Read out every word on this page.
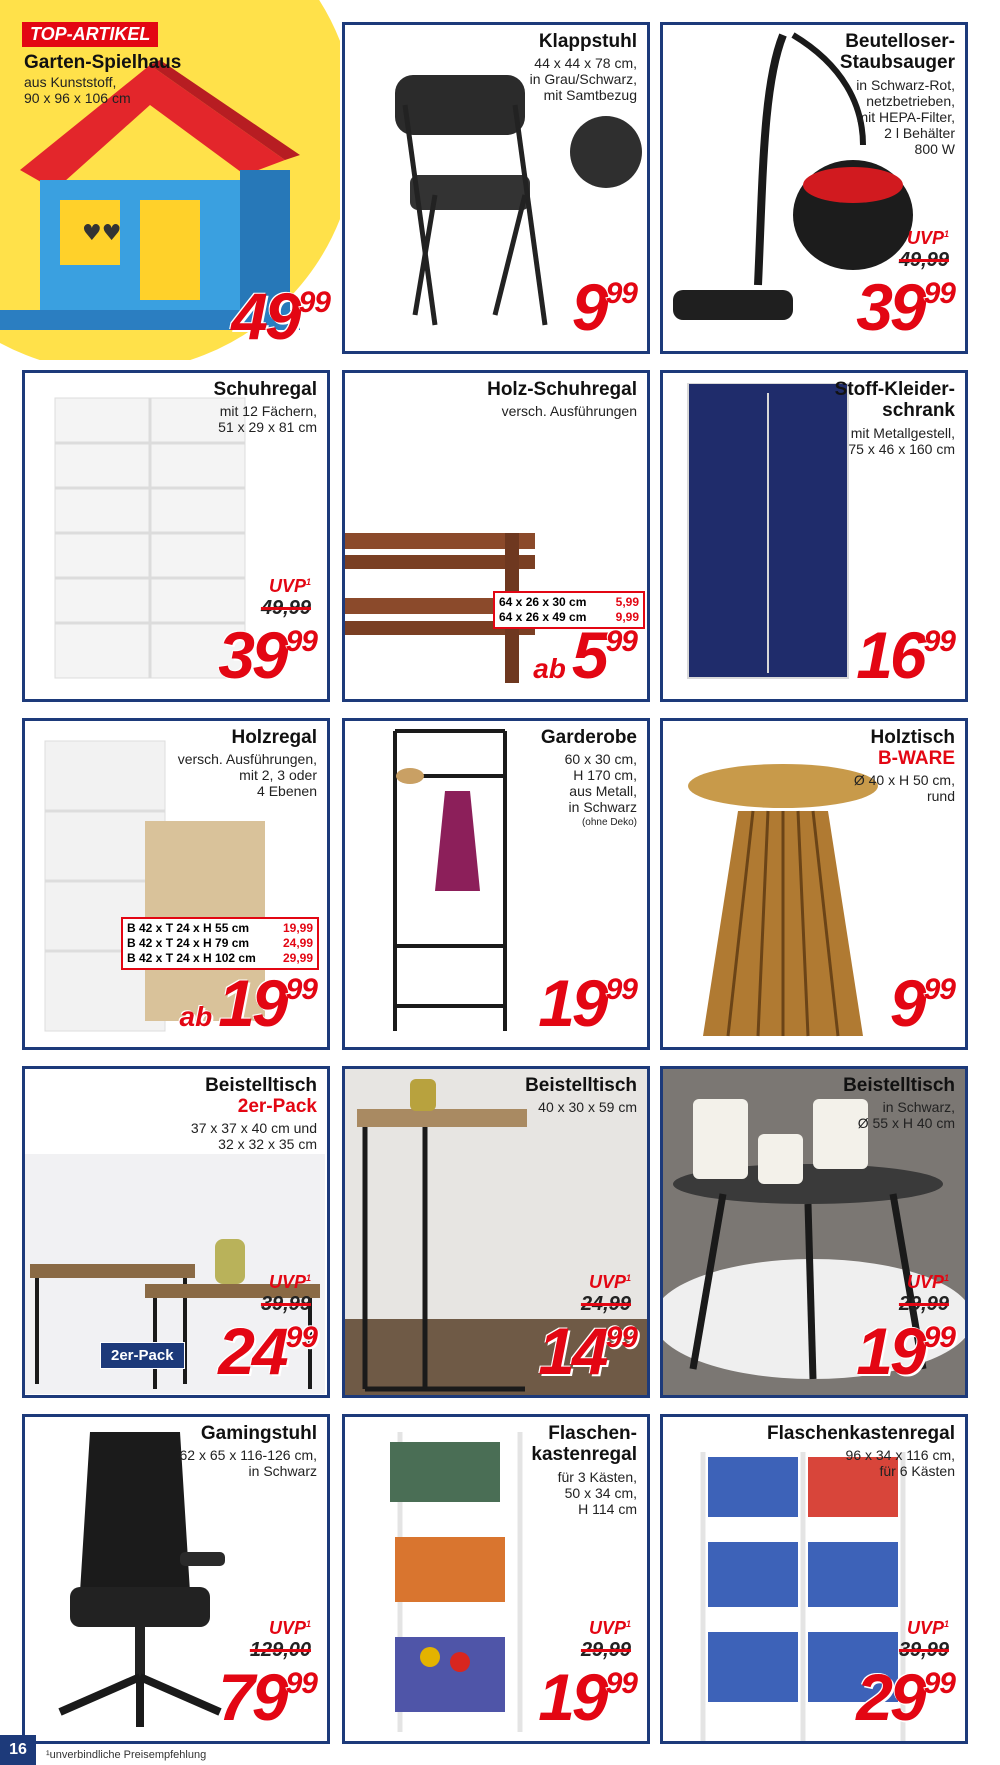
♥♥
TOP-ARTIKEL
Garten-Spielhaus
aus Kunststoff,
90 x 96 x 106 cm
4999
Klappstuhl
44 x 44 x 78 cm,
in Grau/Schwarz,
mit Samtbezug
999
Beutelloser-
Staubsauger
in Schwarz-Rot,
netzbetrieben,
mit HEPA-Filter,
2 l Behälter
800 W
UVP$^1$
49,99
3999
Schuhregal
mit 12 Fächern,
51 x 29 x 81 cm
UVP$^1$
49,99
3999
Holz-Schuhregal
versch. Ausführungen
64 x 26 x 30 cm 5,99
64 x 26 x 49 cm 9,99
ab599
Stoff-Kleider-
schrank
mit Metallgestell,
75 x 46 x 160 cm
1699
Holzregal
versch. Ausführungen,
mit 2, 3 oder
4 Ebenen
B 42 x T 24 x H 55 cm	19,99
B 42 x T 24 x H 79 cm	24,99
B 42 x T 24 x H 102 cm 29,99
ab1999
Garderobe
60 x 30 cm,
H 170 cm,
aus Metall,
in Schwarz
(ohne Deko)
1999
Holztisch
B-WARE
Ø 40 x H 50 cm,
rund
999
Beistelltisch
2er-Pack
37 x 37 x 40 cm und
32 x 32 x 35 cm
UVP$^1$
39,99
2er-Pack 2499
Beistelltisch
40 x 30 x 59 cm
UVP$^1$
24,99
1499
Beistelltisch
in Schwarz,
Ø 55 x H 40 cm
UVP$^1$
29,99
1999
Gamingstuhl
62 x 65 x 116-126 cm,
in Schwarz
UVP$^1$
129,00
7999
Flaschen-
kastenregal
für 3 Kästen,
50 x 34 cm,
H 114 cm
UVP$^1$
29,99
1999
Flaschenkastenregal
96 x 34 x 116 cm,
für 6 Kästen
UVP$^1$
39,99
2999
16	¹unverbindliche Preisempfehlung
